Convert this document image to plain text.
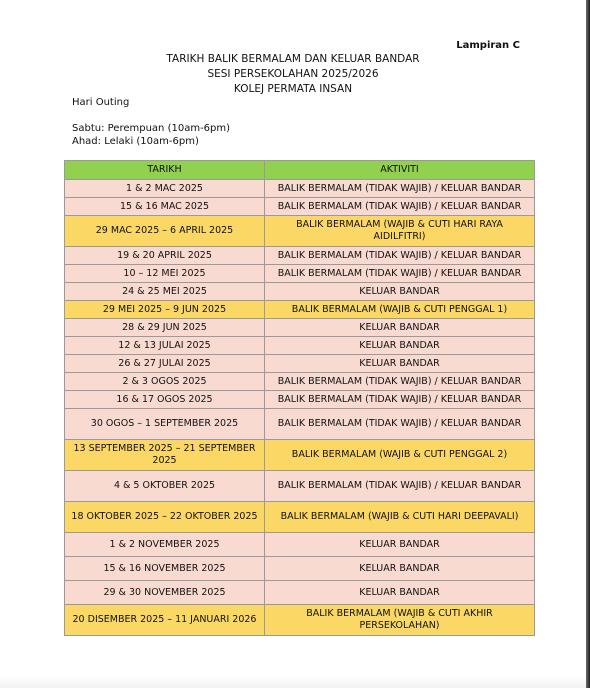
Lampiran C
TARIKH BALIK BERMALAM DAN KELUAR BANDAR
SESI PERSEKOLAHAN 2025/2026
KOLEJ PERMATA INSAN
Hari Outing
Sabtu: Perempuan (10am-6pm)
Ahad: Lelaki (10am-6pm)
TARIKH	AKTIVITI
1 & 2 MAC 2025	BALIK BERMALAM (TIDAK WAJIB) / KELUAR BANDAR
15 & 16 MAC 2025	BALIK BERMALAM (TIDAK WAJIB) / KELUAR BANDAR
29 MAC 2025 – 6 APRIL 2025	BALIK BERMALAM (WAJIB & CUTI HARI RAYA AIDILFITRI)
19 & 20 APRIL 2025	BALIK BERMALAM (TIDAK WAJIB) / KELUAR BANDAR
10 – 12 MEI 2025	BALIK BERMALAM (TIDAK WAJIB) / KELUAR BANDAR
24 & 25 MEI 2025	KELUAR BANDAR
29 MEI 2025 – 9 JUN 2025	BALIK BERMALAM (WAJIB & CUTI PENGGAL 1)
28 & 29 JUN 2025	KELUAR BANDAR
12 & 13 JULAI 2025	KELUAR BANDAR
26 & 27 JULAI 2025	KELUAR BANDAR
2 & 3 OGOS 2025	BALIK BERMALAM (TIDAK WAJIB) / KELUAR BANDAR
16 & 17 OGOS 2025	BALIK BERMALAM (TIDAK WAJIB) / KELUAR BANDAR
30 OGOS – 1 SEPTEMBER 2025	BALIK BERMALAM (TIDAK WAJIB) / KELUAR BANDAR
13 SEPTEMBER 2025 – 21 SEPTEMBER 2025	BALIK BERMALAM (WAJIB & CUTI PENGGAL 2)
4 & 5 OKTOBER 2025	BALIK BERMALAM (TIDAK WAJIB) / KELUAR BANDAR
18 OKTOBER 2025 – 22 OKTOBER 2025	BALIK BERMALAM (WAJIB & CUTI HARI DEEPAVALI)
1 & 2 NOVEMBER 2025	KELUAR BANDAR
15 & 16 NOVEMBER 2025	KELUAR BANDAR
29 & 30 NOVEMBER 2025	KELUAR BANDAR
20 DISEMBER 2025 – 11 JANUARI 2026	BALIK BERMALAM (WAJIB & CUTI AKHIR PERSEKOLAHAN)
